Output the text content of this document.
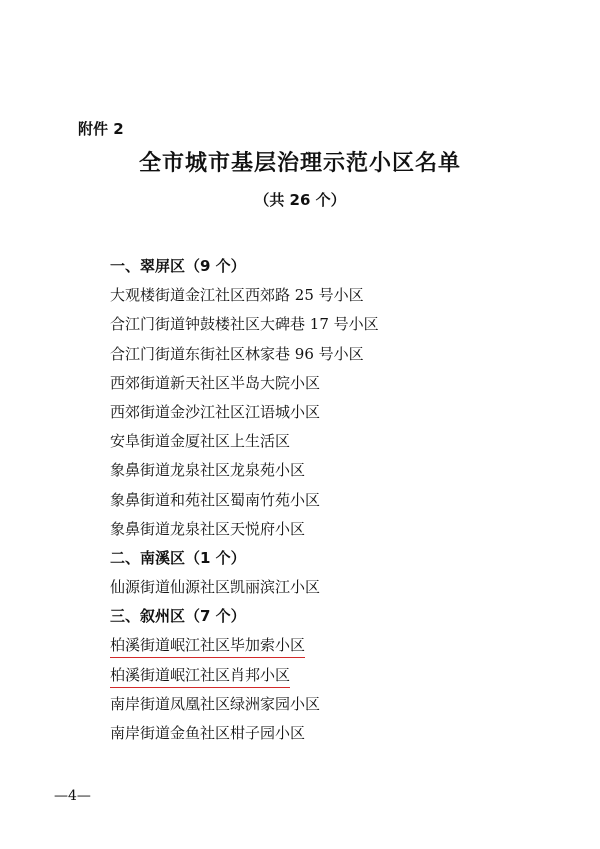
附件 2
全市城市基层治理示范小区名单
（共 26 个）
一、翠屏区（9 个）
大观楼街道金江社区西郊路 25 号小区
合江门街道钟鼓楼社区大碑巷 17 号小区
合江门街道东街社区林家巷 96 号小区
西郊街道新天社区半岛大院小区
西郊街道金沙江社区江语城小区
安阜街道金厦社区上生活区
象鼻街道龙泉社区龙泉苑小区
象鼻街道和苑社区蜀南竹苑小区
象鼻街道龙泉社区天悦府小区
二、南溪区（1 个）
仙源街道仙源社区凯丽滨江小区
三、叙州区（7 个）
柏溪街道岷江社区毕加索小区
柏溪街道岷江社区肖邦小区
南岸街道凤凰社区绿洲家园小区
南岸街道金鱼社区柑子园小区
—4—
